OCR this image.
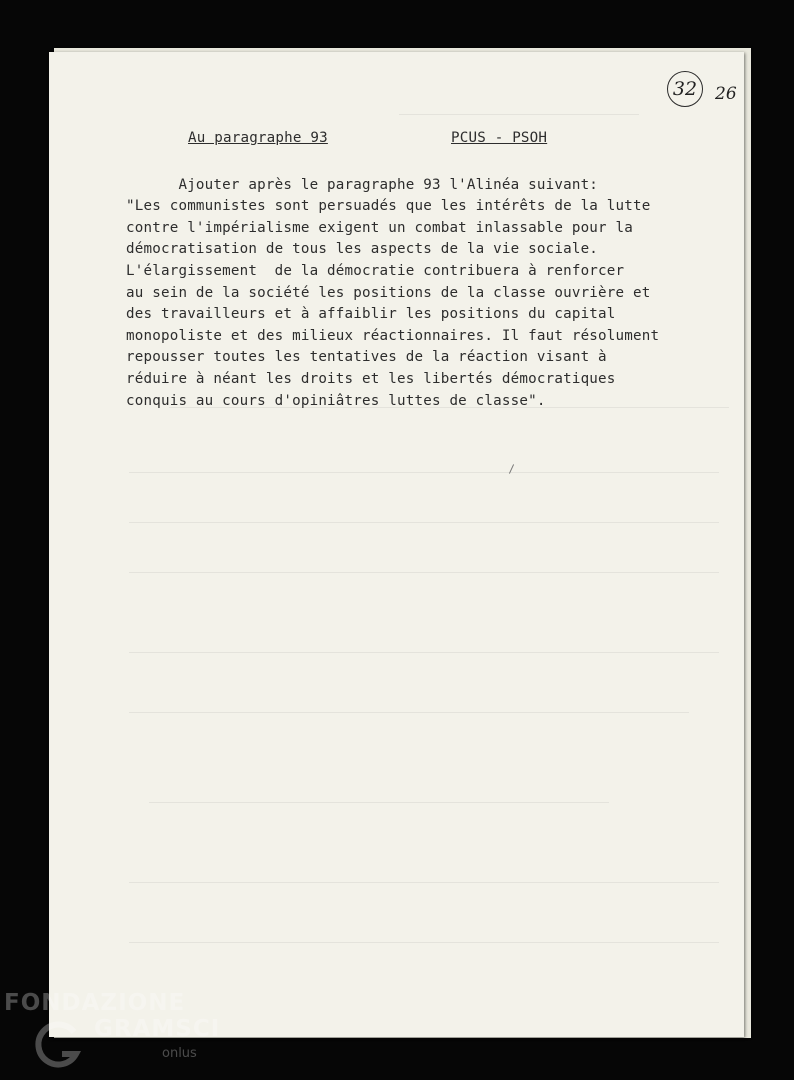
32	26
Au paragraphe 93	PCUS - PSOH

Ajouter après le paragraphe 93 l'Alinéa suivant:
"Les communistes sont persuadés que les intérêts de la lutte
contre l'impérialisme exigent un combat inlassable pour la
démocratisation de tous les aspects de la vie sociale.
L'élargissement  de la démocratie contribuera à renforcer
au sein de la société les positions de la classe ouvrière et
des travailleurs et à affaiblir les positions du capital
monopoliste et des milieux réactionnaires. Il faut résolument
repousser toutes les tentatives de la réaction visant à
réduire à néant les droits et les libertés démocratiques
conquis au cours d'opiniâtres luttes de classe".
FONDAZIONE
GRAMSCI
onlus
